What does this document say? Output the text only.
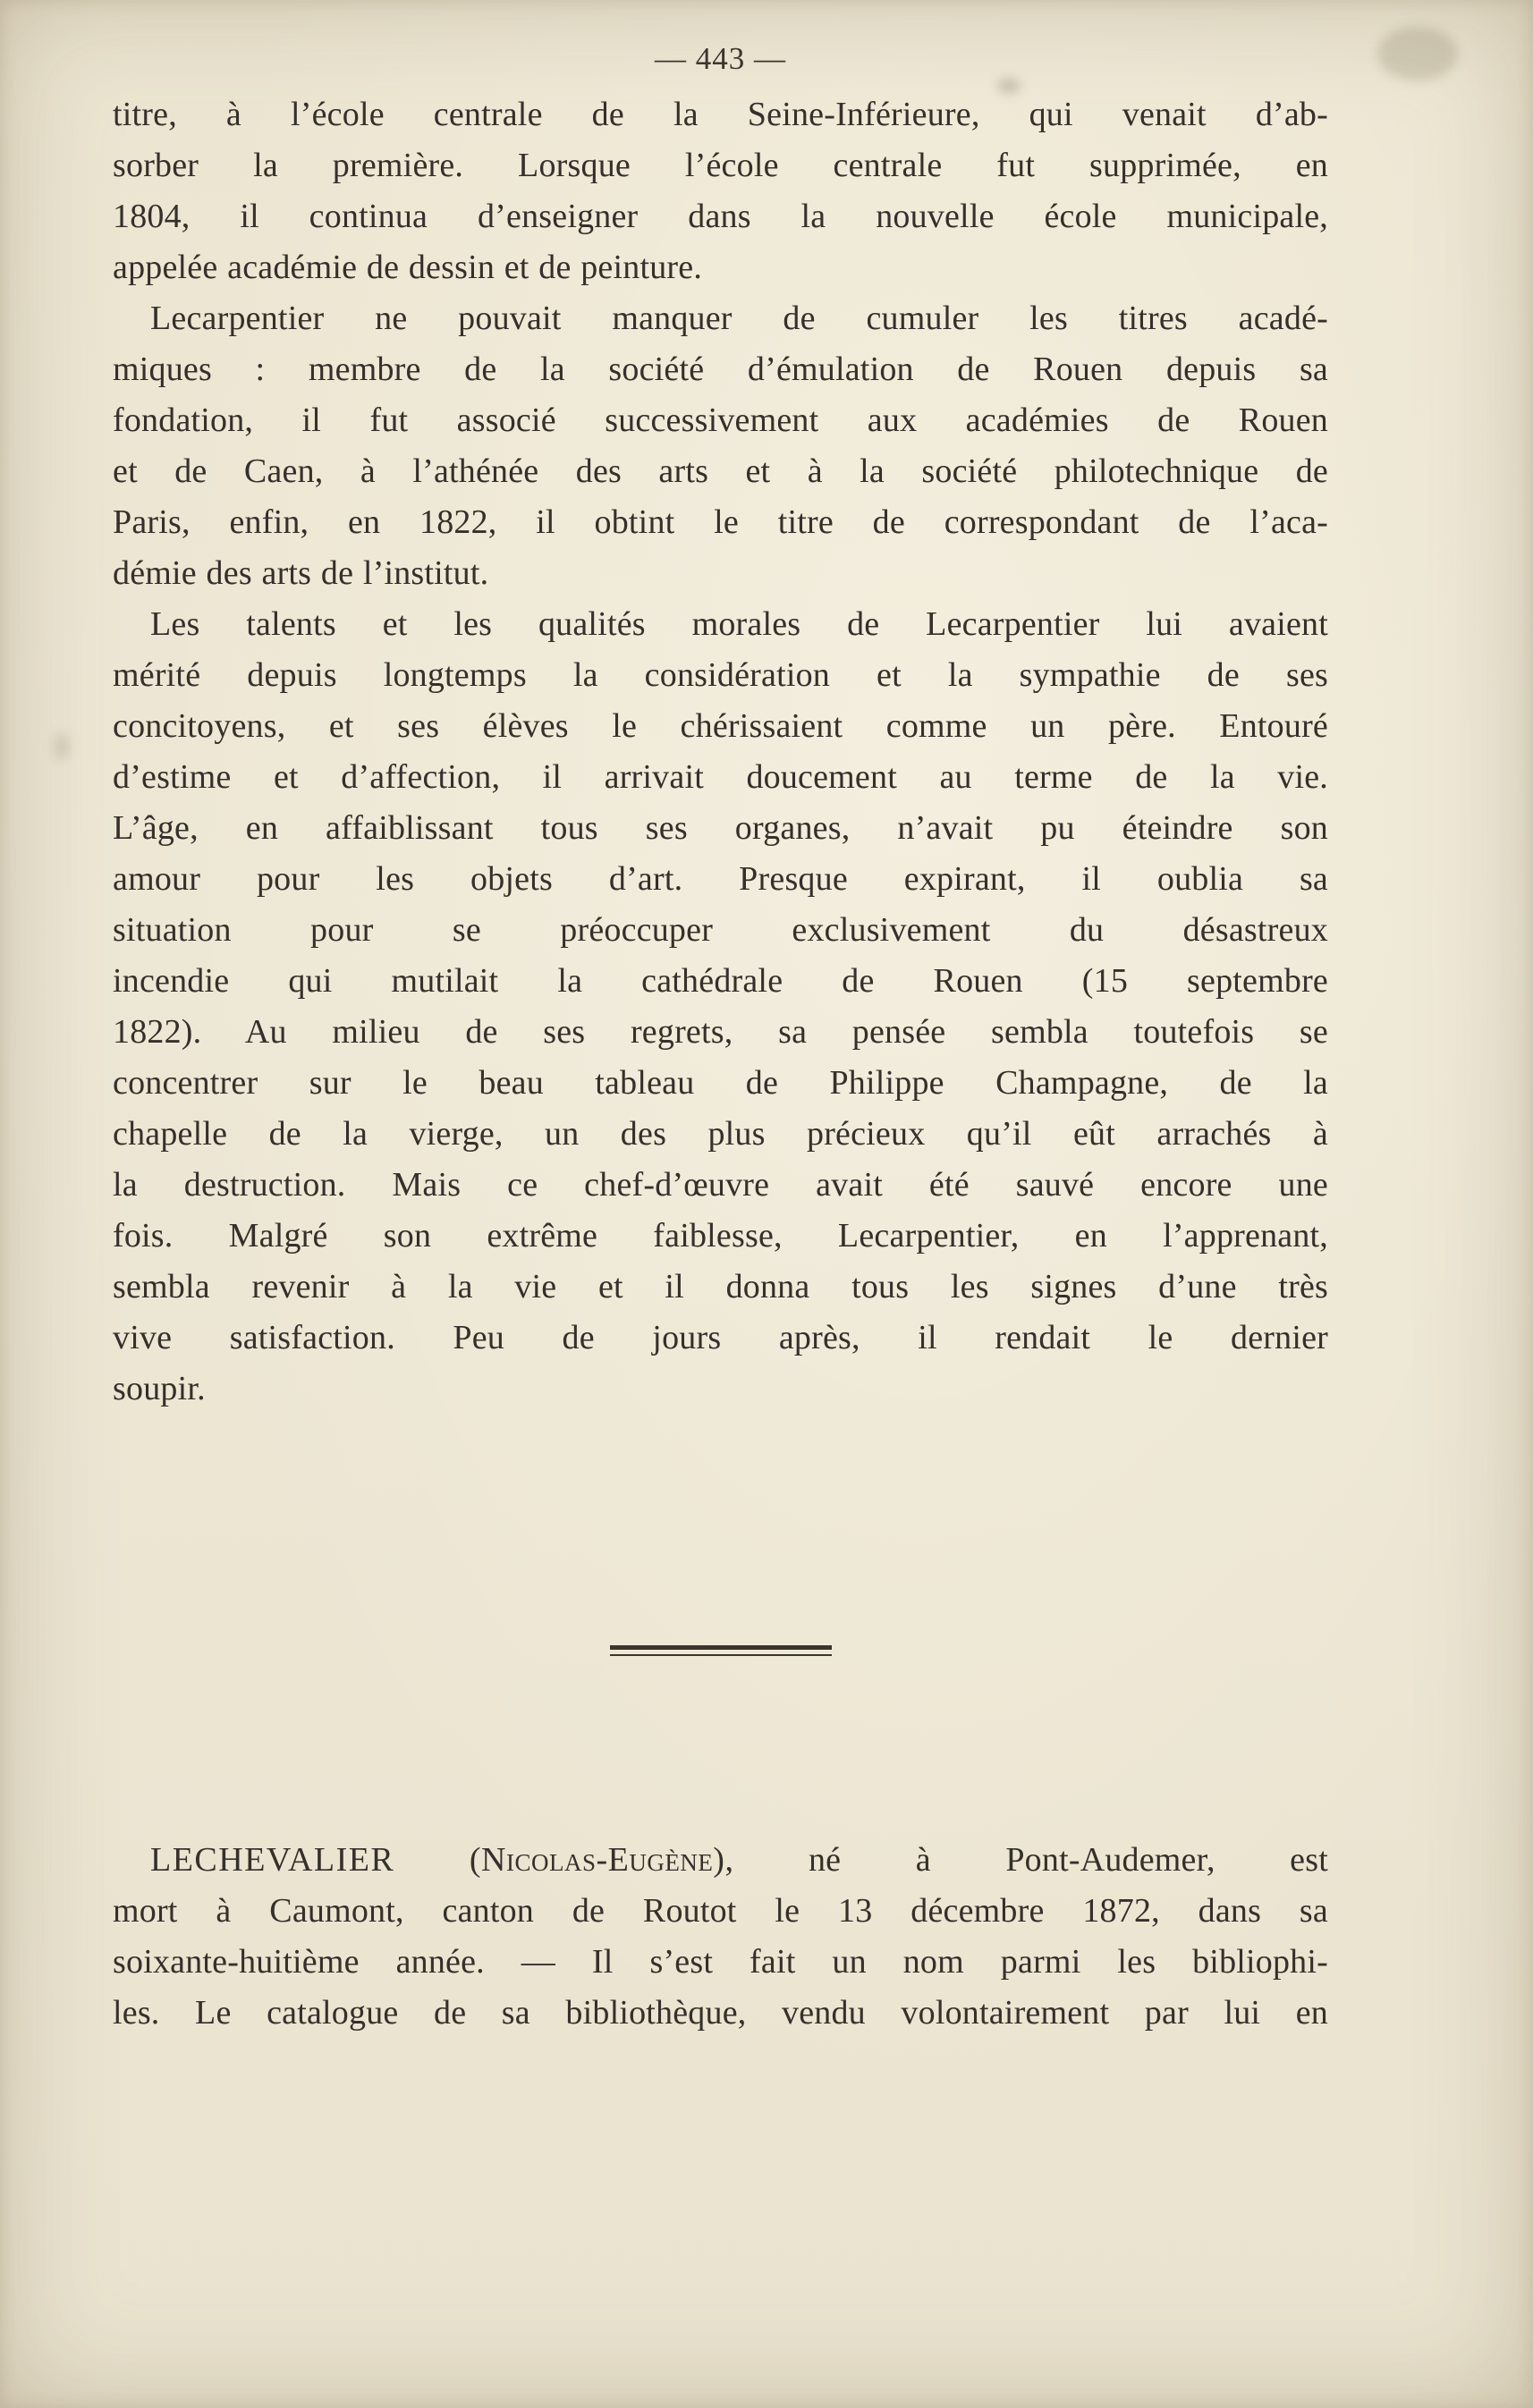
— 443 —
titre, à l’école centrale de la Seine-Inférieure, qui venait d’ab-
sorber la première. Lorsque l’école centrale fut supprimée, en
1804, il continua d’enseigner dans la nouvelle école municipale,
appelée académie de dessin et de peinture.
Lecarpentier ne pouvait manquer de cumuler les titres acadé-
miques : membre de la société d’émulation de Rouen depuis sa
fondation, il fut associé successivement aux académies de Rouen
et de Caen, à l’athénée des arts et à la société philotechnique de
Paris, enfin, en 1822, il obtint le titre de correspondant de l’aca-
démie des arts de l’institut.
Les talents et les qualités morales de Lecarpentier lui avaient
mérité depuis longtemps la considération et la sympathie de ses
concitoyens, et ses élèves le chérissaient comme un père. Entouré
d’estime et d’affection, il arrivait doucement au terme de la vie.
L’âge, en affaiblissant tous ses organes, n’avait pu éteindre son
amour pour les objets d’art. Presque expirant, il oublia sa
situation pour se préoccuper exclusivement du désastreux
incendie qui mutilait la cathédrale de Rouen (15 septembre
1822). Au milieu de ses regrets, sa pensée sembla toutefois se
concentrer sur le beau tableau de Philippe Champagne, de la
chapelle de la vierge, un des plus précieux qu’il eût arrachés à
la destruction. Mais ce chef-d’œuvre avait été sauvé encore une
fois. Malgré son extrême faiblesse, Lecarpentier, en l’apprenant,
sembla revenir à la vie et il donna tous les signes d’une très
vive satisfaction. Peu de jours après, il rendait le dernier
soupir.
LECHEVALIER (Nicolas-Eugène), né à Pont-Audemer, est
mort à Caumont, canton de Routot le 13 décembre 1872, dans sa
soixante-huitième année. — Il s’est fait un nom parmi les bibliophi-
les. Le catalogue de sa bibliothèque, vendu volontairement par lui en
